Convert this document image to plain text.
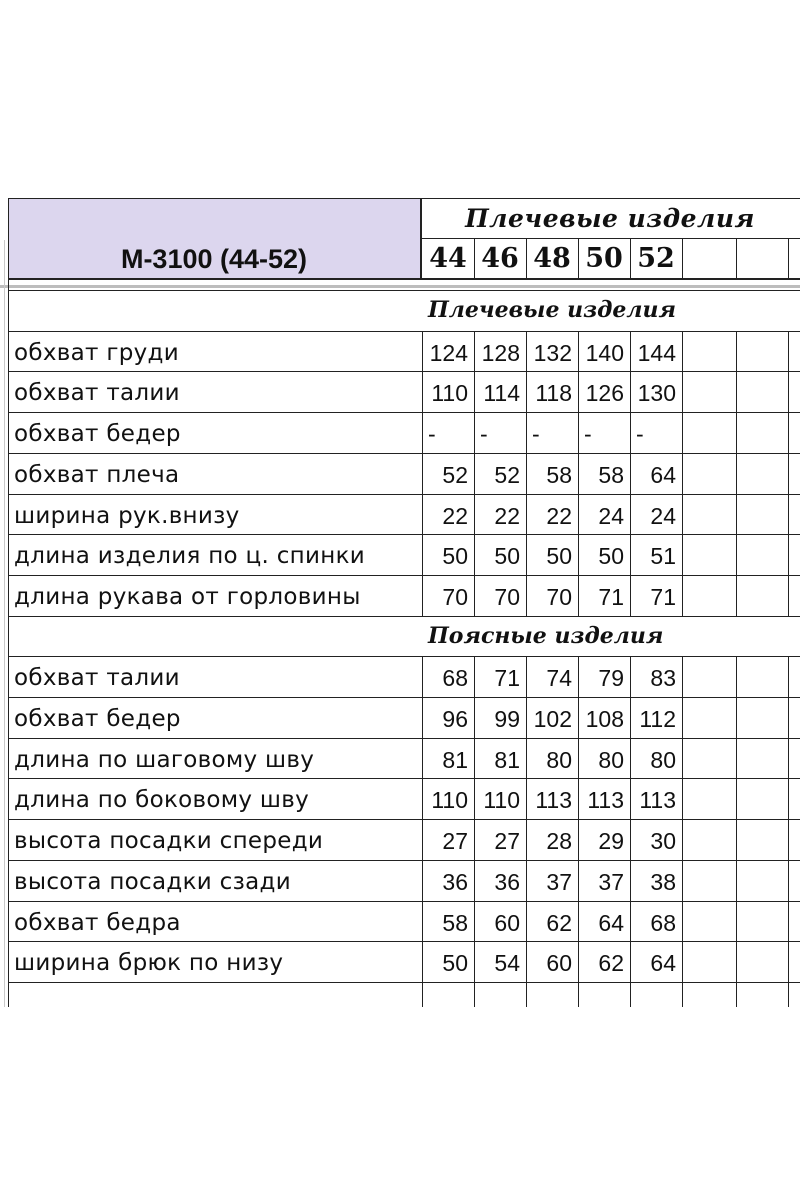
М-3100 (44-52)
Плечевые изделия
44 46 48 50 52
Плечевые изделия
обхват груди	124 128 132 140 144
обхват талии	110 114 118 126 130
обхват бедер	-	-	-	-	-
обхват плеча	52	52	58	58	64
ширина рук.внизу	22	22	22	24	24
длина изделия по ц. спинки	50	50	50	50	51
длина рукава от горловины	70	70	70	71	71
Поясные изделия
обхват талии	68	71	74	79	83
обхват бедер	96	99 102 108 112
длина по шаговому шву	81	81	80	80	80
длина по боковому шву	110 110 113 113 113
высота посадки спереди	27	27	28	29	30
высота посадки сзади	36	36	37	37	38
обхват бедра	58	60	62	64	68
ширина брюк по низу	50	54	60	62	64
